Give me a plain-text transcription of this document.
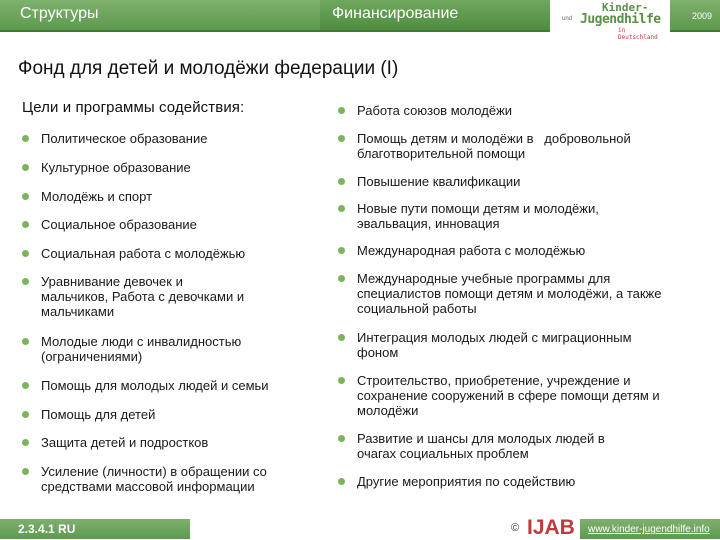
Структуры	Финансирование	2009
Kinder-
und Jugendhilfe
in Deutschland
Фонд для детей и молодёжи федерации (I)
Цели и программы содействия:
Политическое образование
Культурное образование
Молодёжь и спорт
Социальное образование
Социальная работа с молодёжью
Уравнивание девочек и
мальчиков, Работа с девочками и
мальчиками
Молодые люди с инвалидностью
(ограничениями)
Помощь для молодых людей и семьи
Помощь для детей
Защита детей и подростков
Усиление (личности) в обращении со
средствами массовой информации
Работа союзов молодёжи
Помощь детям и молодёжи в   добровольной
благотворительной помощи
Повышение квалификации
Новые пути помощи детям и молодёжи,
эвальвация, инновация
Международная работа с молодёжью
Международные учебные программы для
специалистов помощи детям и молодёжи, а также
социальной работы
Интеграция молодых людей с миграционным
фоном
Строительство, приобретение, учреждение и
сохранение сооружений в сфере помощи детям и
молодёжи
Развитие и шансы для молодых людей в
очагах социальных проблем
Другие мероприятия по содействию
2.3.4.1 RU	© IJAB www.kinder-jugendhilfe.info
